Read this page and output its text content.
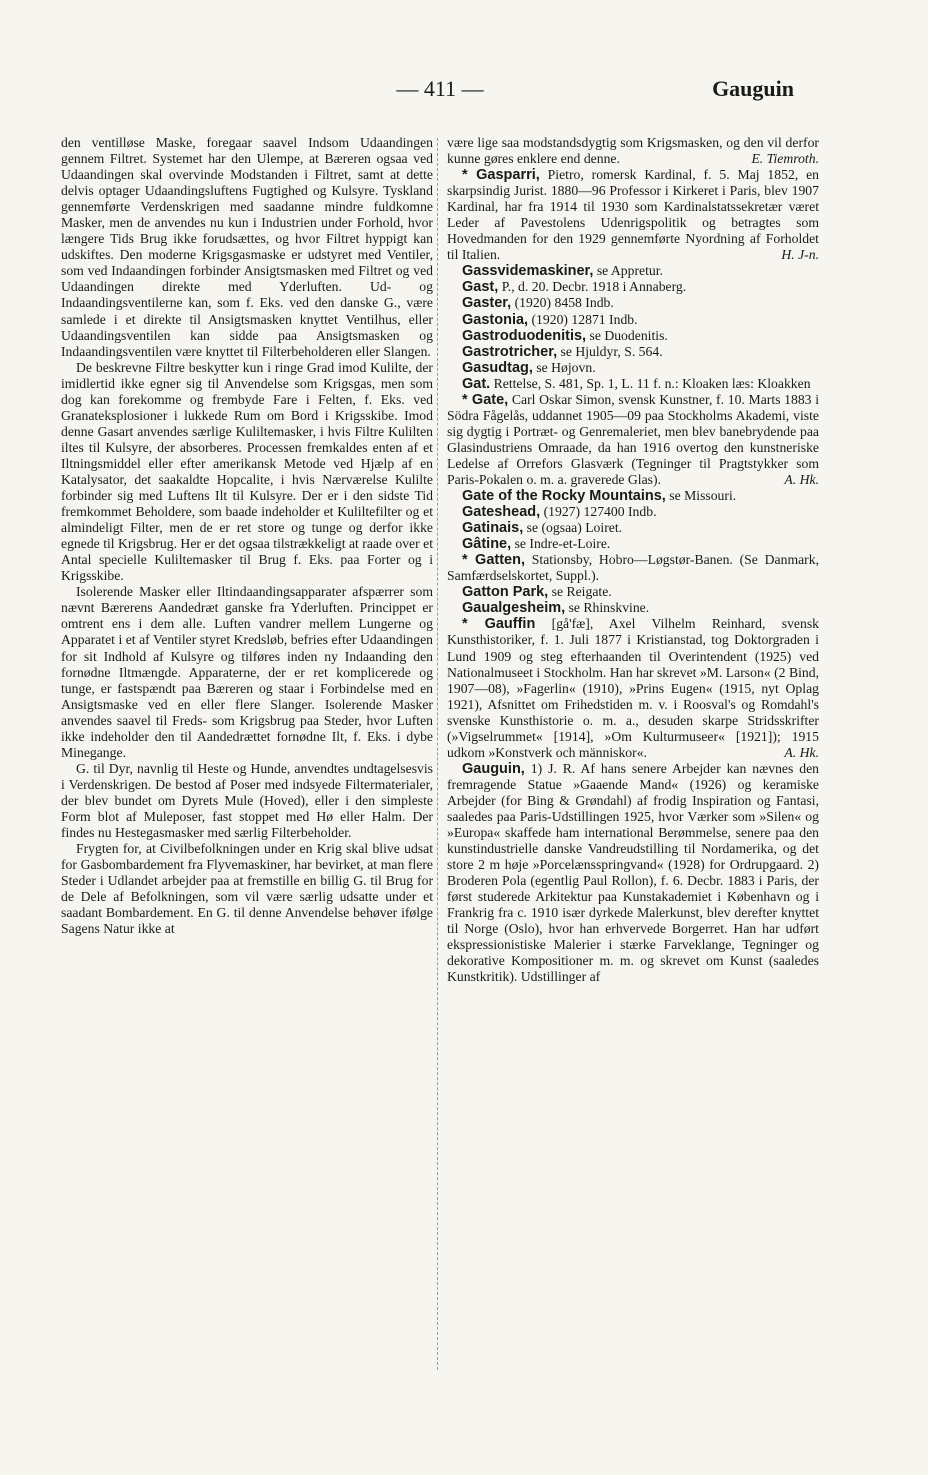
— 411 —	Gauguin

den ventilløse Maske, foregaar saavel Indsom Udaandingen gennem Filtret. Systemet har den Ulempe, at Bæreren ogsaa ved Udaandingen skal overvinde Modstanden i Filtret, samt at dette delvis optager Udaandingsluftens Fugtighed og Kulsyre. Tyskland gennemførte Verdenskrigen med saadanne mindre fuldkomne Masker, men de anvendes nu kun i Industrien under Forhold, hvor længere Tids Brug ikke forudsættes, og hvor Filtret hyppigt kan udskiftes. Den moderne Krigsgasmaske er udstyret med Ventiler, som ved Indaandingen forbinder Ansigtsmasken med Filtret og ved Udaandingen direkte med Yderluften. Ud- og Indaandingsventilerne kan, som f. Eks. ved den danske G., være samlede i et direkte til Ansigtsmasken knyttet Ventilhus, eller Udaandingsventilen kan sidde paa Ansigtsmasken og Indaandingsventilen være knyttet til Filterbeholderen eller Slangen.

De beskrevne Filtre beskytter kun i ringe Grad imod Kulilte, der imidlertid ikke egner sig til Anvendelse som Krigsgas, men som dog kan forekomme og frembyde Fare i Felten, f. Eks. ved Granateksplosioner i lukkede Rum om Bord i Krigsskibe. Imod denne Gasart anvendes særlige Kuliltemasker, i hvis Filtre Kulilten iltes til Kulsyre, der absorberes. Processen fremkaldes enten af et Iltningsmiddel eller efter amerikansk Metode ved Hjælp af en Katalysator, det saakaldte Hopcalite, i hvis Nærværelse Kulilte forbinder sig med Luftens Ilt til Kulsyre. Der er i den sidste Tid fremkommet Beholdere, som baade indeholder et Kuliltefilter og et almindeligt Filter, men de er ret store og tunge og derfor ikke egnede til Krigsbrug. Her er det ogsaa tilstrækkeligt at raade over et Antal specielle Kuliltemasker til Brug f. Eks. paa Forter og i Krigsskibe.

Isolerende Masker eller Iltindaandingsapparater afspærrer som nævnt Bærerens Aandedræt ganske fra Yderluften. Princippet er omtrent ens i dem alle. Luften vandrer mellem Lungerne og Apparatet i et af Ventiler styret Kredsløb, befries efter Udaandingen for sit Indhold af Kulsyre og tilføres inden ny Indaanding den fornødne Iltmængde. Apparaterne, der er ret komplicerede og tunge, er fastspændt paa Bæreren og staar i Forbindelse med en Ansigtsmaske ved en eller flere Slanger. Isolerende Masker anvendes saavel til Freds- som Krigsbrug paa Steder, hvor Luften ikke indeholder den til Aandedrættet fornødne Ilt, f. Eks. i dybe Minegange.

G. til Dyr, navnlig til Heste og Hunde, anvendtes undtagelsesvis i Verdenskrigen. De bestod af Poser med indsyede Filtermaterialer, der blev bundet om Dyrets Mule (Hoved), eller i den simpleste Form blot af Muleposer, fast stoppet med Hø eller Halm. Der findes nu Hestegasmasker med særlig Filterbeholder.

Frygten for, at Civilbefolkningen under en Krig skal blive udsat for Gasbombardement fra Flyvemaskiner, har bevirket, at man flere Steder i Udlandet arbejder paa at fremstille en billig G. til Brug for de Dele af Befolkningen, som vil være særlig udsatte under et saadant Bombardement. En G. til denne Anvendelse behøver ifølge Sagens Natur ikke at

være lige saa modstandsdygtig som Krigsmasken, og den vil derfor kunne gøres enklere end denne.	E. Tiemroth.

* Gasparri, Pietro, romersk Kardinal, f. 5. Maj 1852, en skarpsindig Jurist. 1880—96 Professor i Kirkeret i Paris, blev 1907 Kardinal, har fra 1914 til 1930 som Kardinalstatssekretær været Leder af Pavestolens Udenrigspolitik og betragtes som Hovedmanden for den 1929 gennemførte Nyordning af Forholdet til Italien.	H. J-n.

Gassvidemaskiner, se Appretur.

Gast, P., d. 20. Decbr. 1918 i Annaberg.

Gaster, (1920) 8458 Indb.

Gastonia, (1920) 12871 Indb.

Gastroduodenitis, se Duodenitis.

Gastrotricher, se Hjuldyr, S. 564.

Gasudtag, se Højovn.

Gat. Rettelse, S. 481, Sp. 1, L. 11 f. n.: Kloaken læs: Kloakken

* Gate, Carl Oskar Simon, svensk Kunstner, f. 10. Marts 1883 i Södra Fågelås, uddannet 1905—09 paa Stockholms Akademi, viste sig dygtig i Portræt- og Genremaleriet, men blev banebrydende paa Glasindustriens Omraade, da han 1916 overtog den kunstneriske Ledelse af Orrefors Glasværk (Tegninger til Pragtstykker som Paris-Pokalen o. m. a. graverede Glas).	A. Hk.

Gate of the Rocky Mountains, se Missouri.

Gateshead, (1927) 127400 Indb.

Gatinais, se (ogsaa) Loiret.

Gâtine, se Indre-et-Loire.

* Gatten, Stationsby, Hobro—Løgstør-Banen. (Se Danmark, Samfærdselskortet, Suppl.).

Gatton Park, se Reigate.

Gaualgesheim, se Rhinskvine.

* Gauffin [gå'fæ], Axel Vilhelm Reinhard, svensk Kunsthistoriker, f. 1. Juli 1877 i Kristianstad, tog Doktorgraden i Lund 1909 og steg efterhaanden til Overintendent (1925) ved Nationalmuseet i Stockholm. Han har skrevet »M. Larson« (2 Bind, 1907—08), »Fagerlin« (1910), »Prins Eugen« (1915, nyt Oplag 1921), Afsnittet om Frihedstiden m. v. i Roosval's og Romdahl's svenske Kunsthistorie o. m. a., desuden skarpe Stridsskrifter (»Vigselrummet« [1914], »Om Kulturmuseer« [1921]); 1915 udkom »Konstverk och människor«.	A. Hk.

Gauguin, 1) J. R. Af hans senere Arbejder kan nævnes den fremragende Statue »Gaaende Mand« (1926) og keramiske Arbejder (for Bing & Grøndahl) af frodig Inspiration og Fantasi, saaledes paa Paris-Udstillingen 1925, hvor Værker som »Silen« og »Europa« skaffede ham international Berømmelse, senere paa den kunstindustrielle danske Vandreudstilling til Nordamerika, og det store 2 m høje »Porcelænsspringvand« (1928) for Ordrupgaard. 2) Broderen Pola (egentlig Paul Rollon), f. 6. Decbr. 1883 i Paris, der først studerede Arkitektur paa Kunstakademiet i København og i Frankrig fra c. 1910 især dyrkede Malerkunst, blev derefter knyttet til Norge (Oslo), hvor han erhvervede Borgerret. Han har udført ekspressionistiske Malerier i stærke Farveklange, Tegninger og dekorative Kompositioner m. m. og skrevet om Kunst (saaledes Kunstkritik). Udstillinger af
